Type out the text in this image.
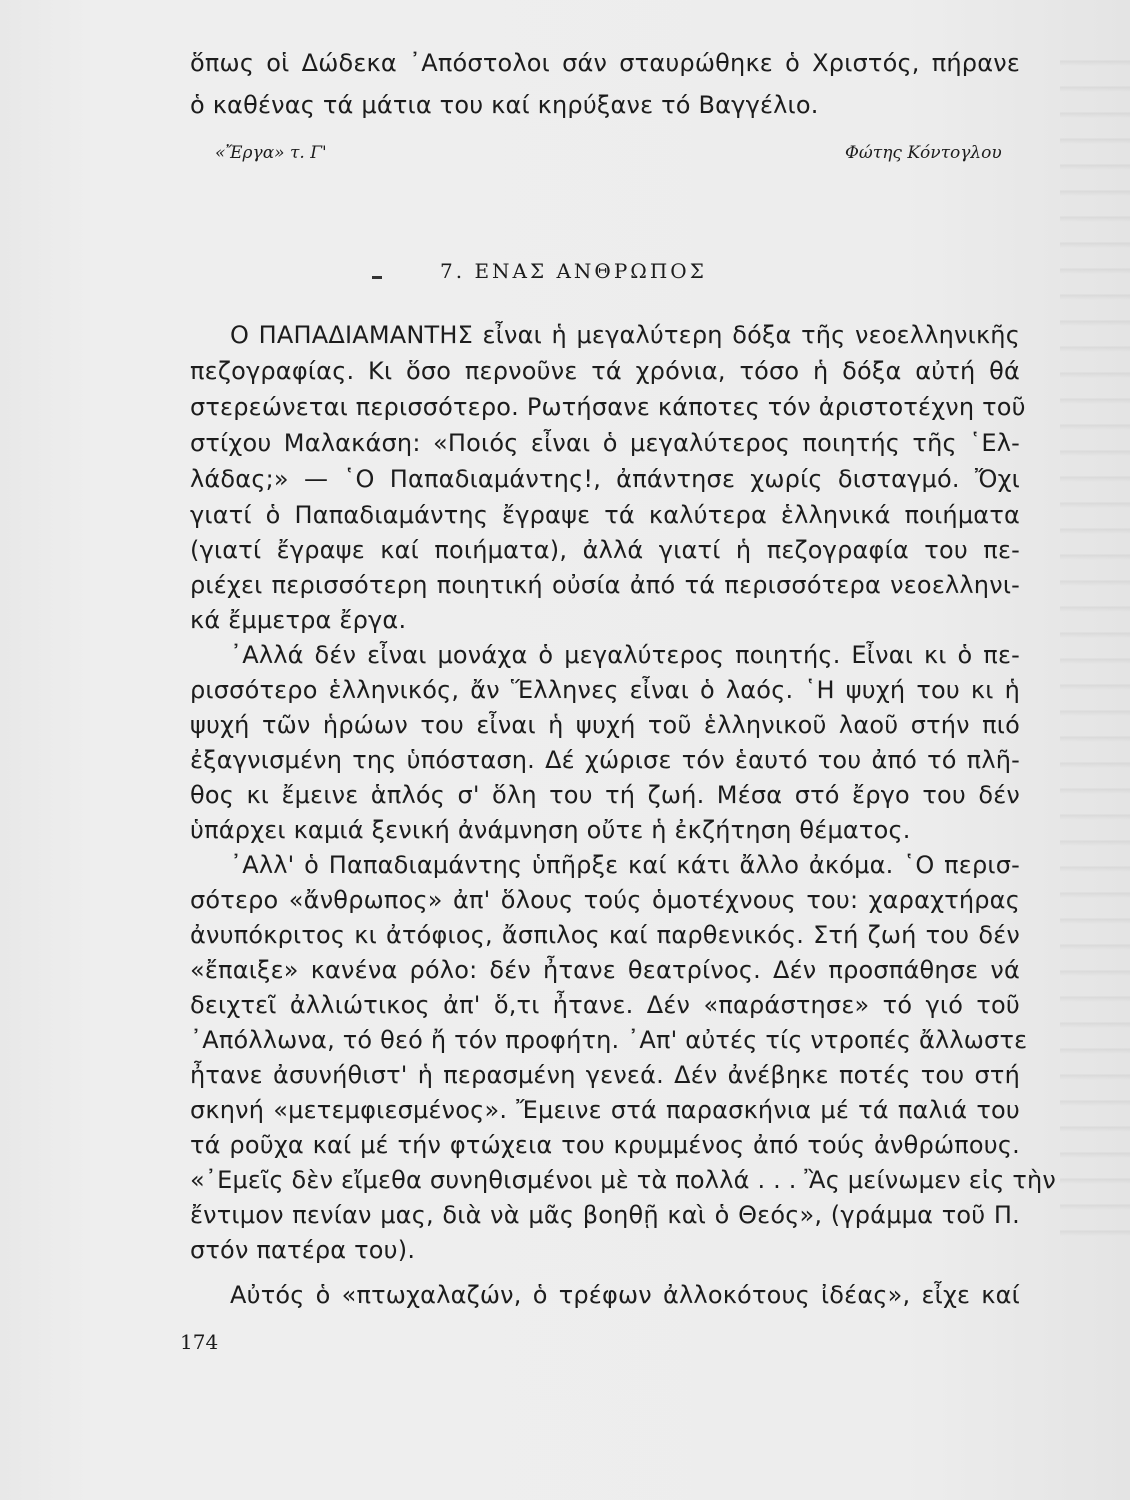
ὅπως οἱ Δώδεκα ᾿Απόστολοι σάν σταυρώθηκε ὁ Χριστός, πήρανε
ὁ καθένας τά μάτια του καί κηρύξανε τό Βαγγέλιο.
«Ἔργα» τ. Γ'	Φώτης Κόντογλου
7. ΕΝΑΣ ΑΝΘΡΩΠΟΣ
Ο ΠΑΠΑΔΙΑΜΑΝΤΗΣ εἶναι ἡ μεγαλύτερη δόξα τῆς νεοελληνικῆς
πεζογραφίας. Κι ὅσο περνοῦνε τά χρόνια, τόσο ἡ δόξα αὐτή θά
στερεώνεται περισσότερο. Ρωτήσανε κάποτες τόν ἀριστοτέχνη τοῦ
στίχου Μαλακάση: «Ποιός εἶναι ὁ μεγαλύτερος ποιητής τῆς ῾Ελ-
λάδας;» — ῾Ο Παπαδιαμάντης!, ἀπάντησε χωρίς δισταγμό. Ὄχι
γιατί ὁ Παπαδιαμάντης ἔγραψε τά καλύτερα ἑλληνικά ποιήματα
(γιατί ἔγραψε καί ποιήματα), ἀλλά γιατί ἡ πεζογραφία του πε-
ριέχει περισσότερη ποιητική οὐσία ἀπό τά περισσότερα νεοελληνι-
κά ἔμμετρα ἔργα.
᾿Αλλά δέν εἶναι μονάχα ὁ μεγαλύτερος ποιητής. Εἶναι κι ὁ πε-
ρισσότερο ἑλληνικός, ἄν Ἕλληνες εἶναι ὁ λαός. ῾Η ψυχή του κι ἡ
ψυχή τῶν ἡρώων του εἶναι ἡ ψυχή τοῦ ἑλληνικοῦ λαοῦ στήν πιό
ἐξαγνισμένη της ὑπόσταση. Δέ χώρισε τόν ἑαυτό του ἀπό τό πλῆ-
θος κι ἔμεινε ἁπλός σ' ὅλη του τή ζωή. Μέσα στό ἔργο του δέν
ὑπάρχει καμιά ξενική ἀνάμνηση οὔτε ἡ ἐκζήτηση θέματος.
᾿Αλλ' ὁ Παπαδιαμάντης ὑπῆρξε καί κάτι ἄλλο ἀκόμα. ῾Ο περισ-
σότερο «ἄνθρωπος» ἀπ' ὅλους τούς ὁμοτέχνους του: χαραχτήρας
ἀνυπόκριτος κι ἀτόφιος, ἄσπιλος καί παρθενικός. Στή ζωή του δέν
«ἔπαιξε» κανένα ρόλο: δέν ἦτανε θεατρίνος. Δέν προσπάθησε νά
δειχτεῖ ἀλλιώτικος ἀπ' ὅ,τι ἦτανε. Δέν «παράστησε» τό γιό τοῦ
᾿Απόλλωνα, τό θεό ἤ τόν προφήτη. ᾿Απ' αὐτές τίς ντροπές ἄλλωστε
ἦτανε ἀσυνήθιστ' ἡ περασμένη γενεά. Δέν ἀνέβηκε ποτές του στή
σκηνή «μετεμφιεσμένος». Ἔμεινε στά παρασκήνια μέ τά παλιά του
τά ροῦχα καί μέ τήν φτώχεια του κρυμμένος ἀπό τούς ἀνθρώπους.
«᾿Εμεῖς δὲν εἴμεθα συνηθισμένοι μὲ τὰ πολλά . . . Ἂς μείνωμεν εἰς τὴν
ἔντιμον πενίαν μας, διὰ νὰ μᾶς βοηθῇ καὶ ὁ Θεός», (γράμμα τοῦ Π.
στόν πατέρα του).
Αὐτός ὁ «πτωχαλαζών, ὁ τρέφων ἀλλοκότους ἰδέας», εἶχε καί
174
